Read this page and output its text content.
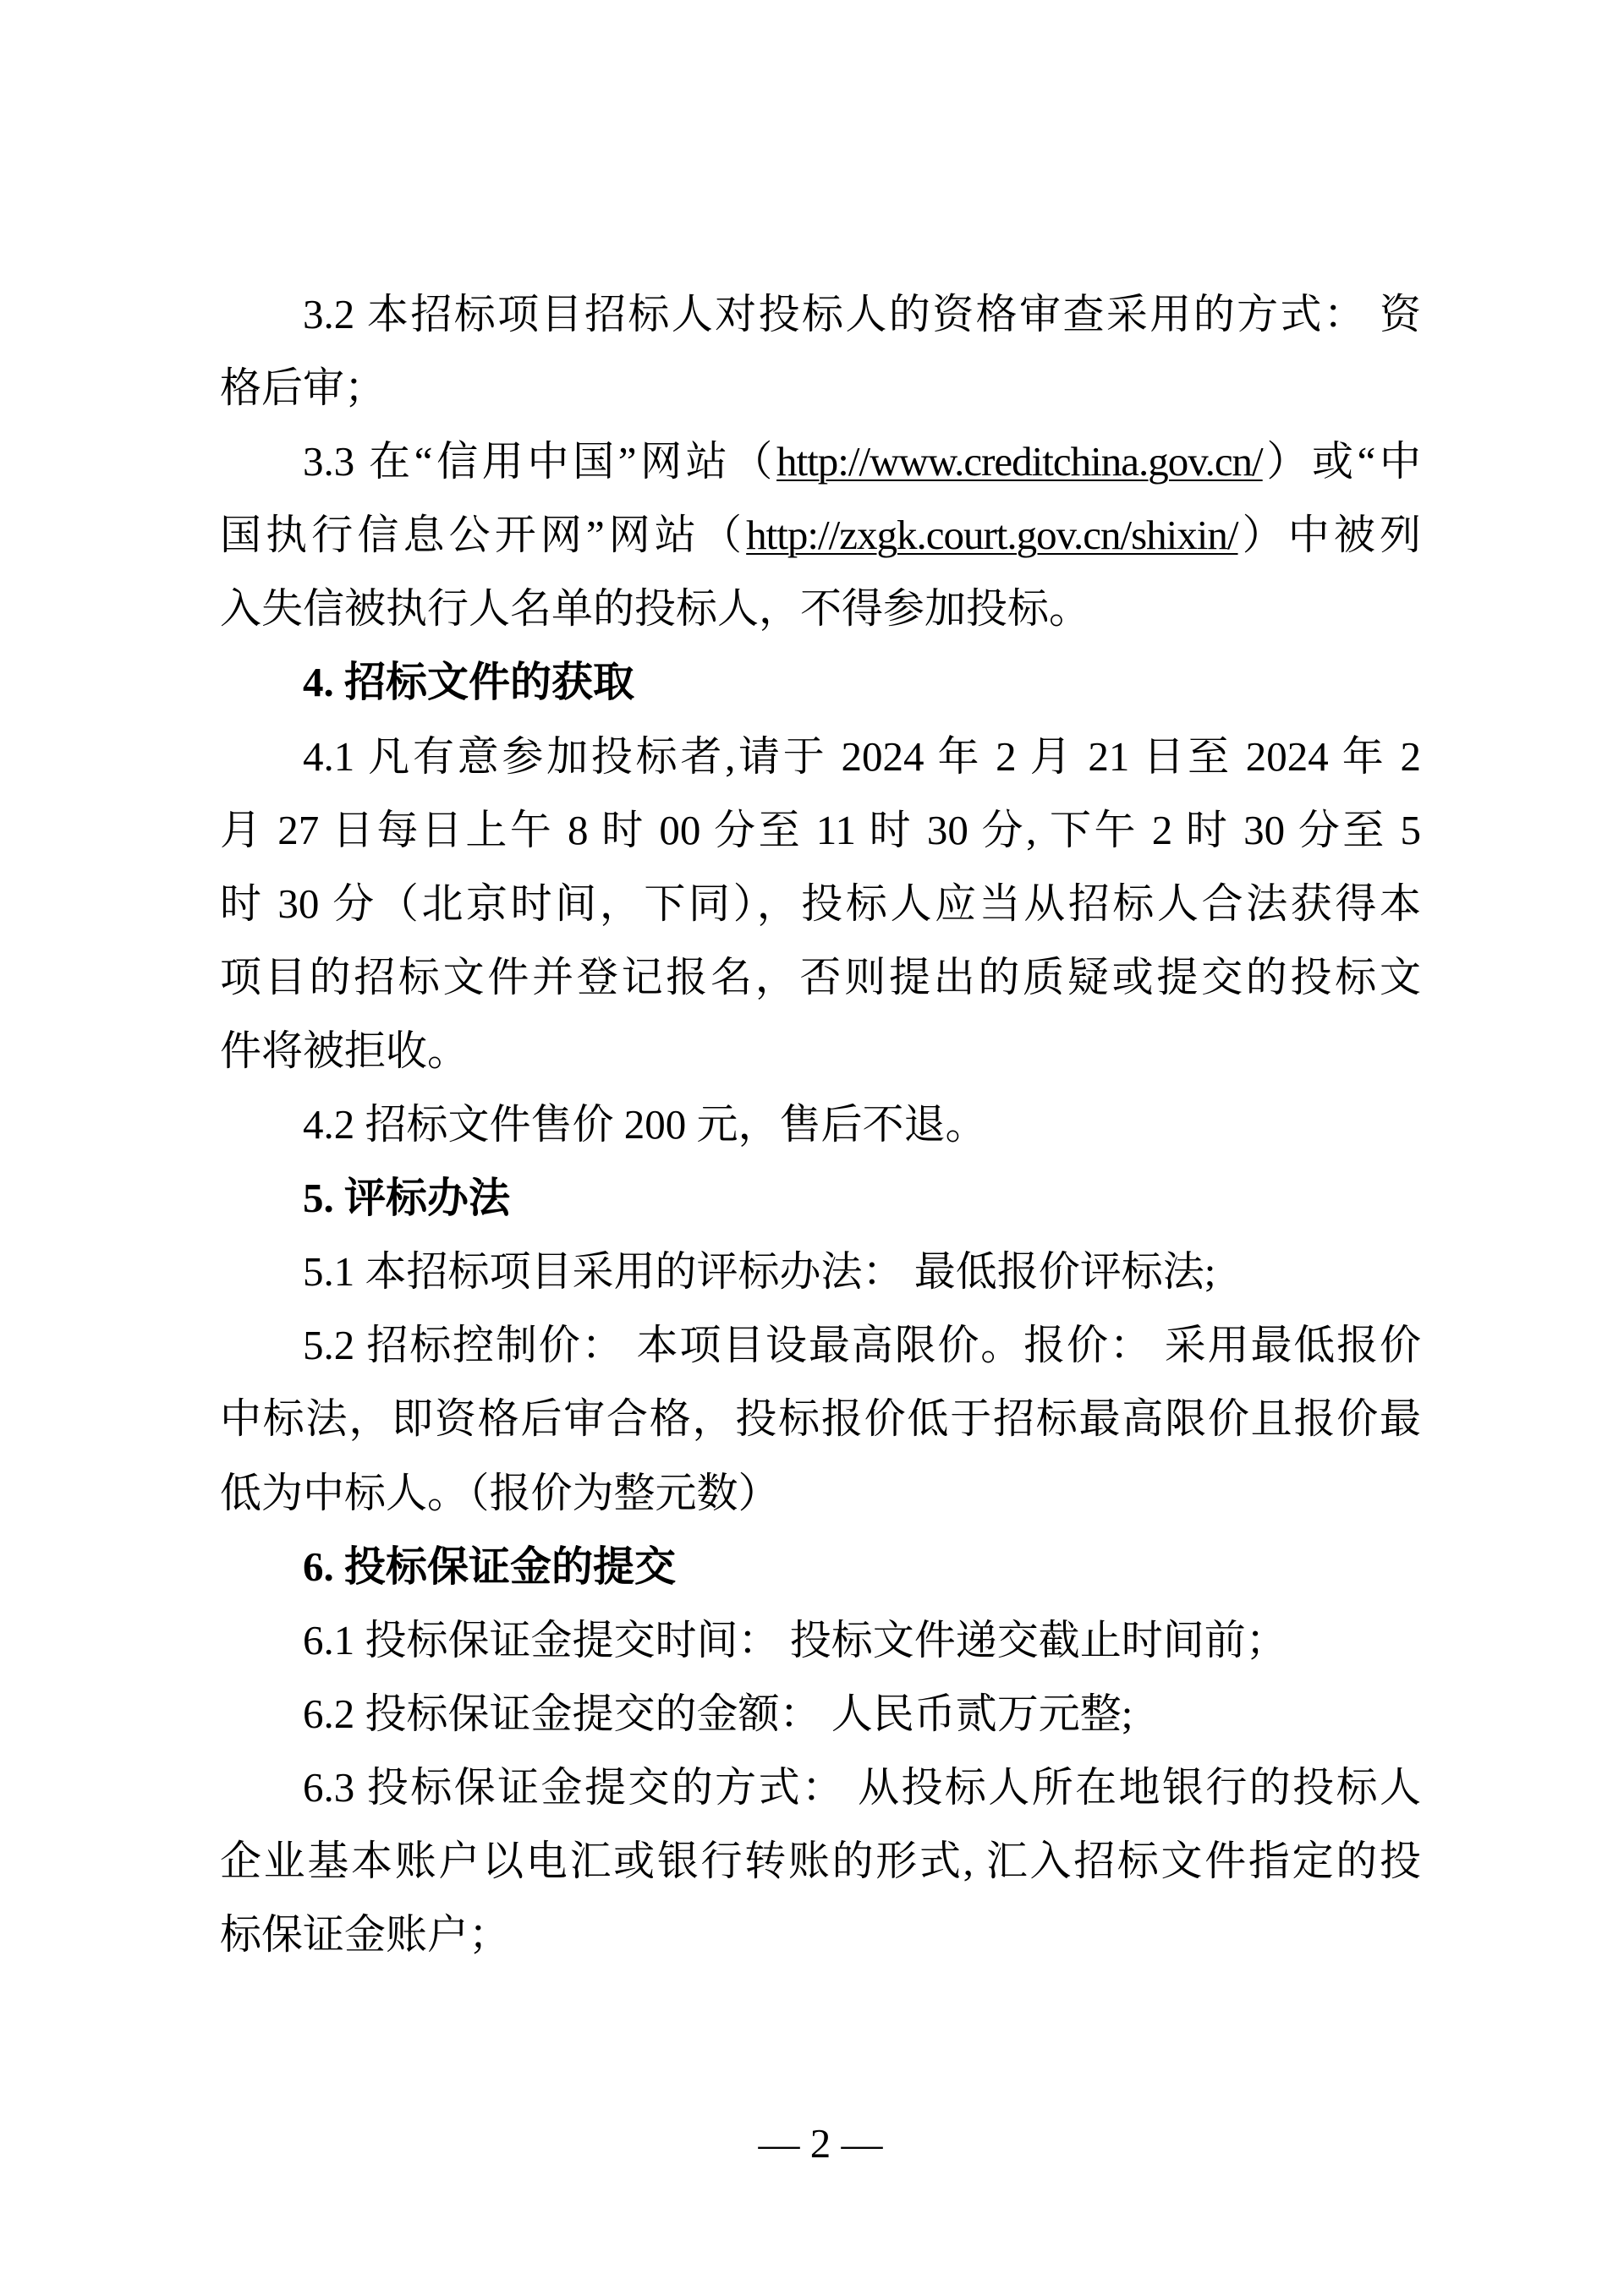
3.2 本招标项目招标人对投标人的资格审查采用的方式： 资
格后审；
3.3 在“信用中国”网站（http://www.creditchina.gov.cn/）或“中
国执行信息公开网”网站（http://zxgk.court.gov.cn/shixin/）中被列
入失信被执行人名单的投标人，不得参加投标。
4. 招标文件的获取
4.1 凡有意参加投标者,请于 2024 年 2 月 21 日至 2024 年 2
月 27 日每日上午 8 时 00 分至 11 时 30 分, 下午 2 时 30 分至 5
时 30 分（北京时间，下同），投标人应当从招标人合法获得本
项目的招标文件并登记报名，否则提出的质疑或提交的投标文
件将被拒收。
4.2 招标文件售价 200 元，售后不退。
5. 评标办法
5.1 本招标项目采用的评标办法： 最低报价评标法;
5.2 招标控制价： 本项目设最高限价。报价： 采用最低报价
中标法，即资格后审合格，投标报价低于招标最高限价且报价最
低为中标人。（报价为整元数）
6. 投标保证金的提交
6.1 投标保证金提交时间： 投标文件递交截止时间前；
6.2 投标保证金提交的金额： 人民币贰万元整;
6.3 投标保证金提交的方式： 从投标人所在地银行的投标人
企业基本账户以电汇或银行转账的形式, 汇入招标文件指定的投
标保证金账户；
— 2 —
